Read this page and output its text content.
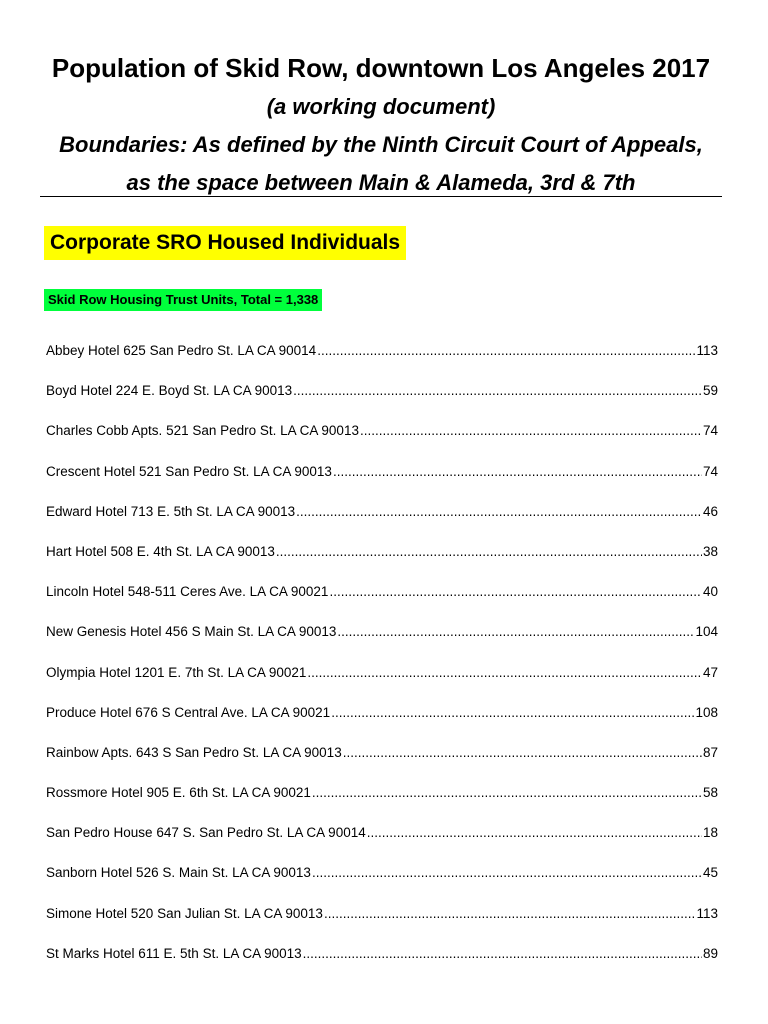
Population of Skid Row, downtown Los Angeles 2017

(a working document)

Boundaries: As defined by the Ninth Circuit Court of Appeals,

as the space between Main & Alameda, 3rd & 7th

Corporate SRO Housed Individuals
Skid Row Housing Trust Units, Total = 1,338
Abbey Hotel 625 San Pedro St. LA CA 90014 .....	113
Boyd Hotel 224 E. Boyd St. LA CA 90013 .....	59
Charles Cobb Apts. 521 San Pedro St. LA CA 90013 .....	74
Crescent Hotel 521 San Pedro St. LA CA 90013 .....	74
Edward Hotel 713 E. 5th St. LA CA 90013 .....	46
Hart Hotel 508 E. 4th St. LA CA 90013 .....	38
Lincoln Hotel 548-511 Ceres Ave. LA CA 90021 .....	40
New Genesis Hotel 456 S Main St. LA CA 90013 .....	104
Olympia Hotel 1201 E. 7th St. LA CA 90021 .....	47
Produce Hotel 676 S Central Ave. LA CA 90021 .....	108
Rainbow Apts. 643 S San Pedro St. LA CA 90013 .....	87
Rossmore Hotel 905 E. 6th St. LA CA 90021 .....	58
San Pedro House 647 S. San Pedro St. LA CA 90014 .....	18
Sanborn Hotel 526 S. Main St. LA CA 90013 .....	45
Simone Hotel 520 San Julian St. LA CA 90013 .....	113
St Marks Hotel 611 E. 5th St. LA CA 90013 .....	89
